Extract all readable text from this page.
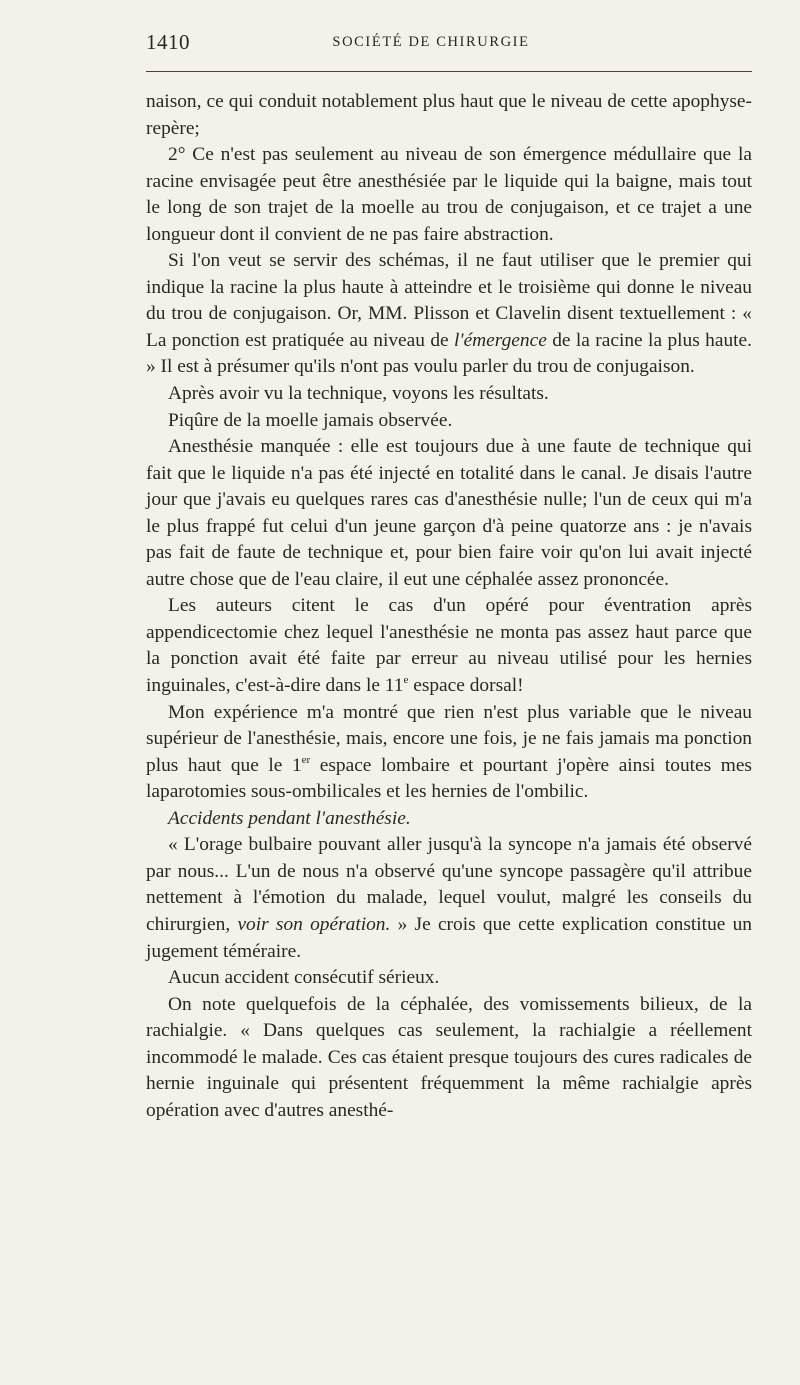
1410	SOCIÉTÉ DE CHIRURGIE

naison, ce qui conduit notablement plus haut que le niveau de cette apophyse-repère;

2° Ce n'est pas seulement au niveau de son émergence médullaire que la racine envisagée peut être anesthésiée par le liquide qui la baigne, mais tout le long de son trajet de la moelle au trou de conjugaison, et ce trajet a une longueur dont il convient de ne pas faire abstraction.

Si l'on veut se servir des schémas, il ne faut utiliser que le premier qui indique la racine la plus haute à atteindre et le troisième qui donne le niveau du trou de conjugaison. Or, MM. Plisson et Clavelin disent textuellement : « La ponction est pratiquée au niveau de l'émergence de la racine la plus haute. » Il est à présumer qu'ils n'ont pas voulu parler du trou de conjugaison.

Après avoir vu la technique, voyons les résultats.

Piqûre de la moelle jamais observée.

Anesthésie manquée : elle est toujours due à une faute de technique qui fait que le liquide n'a pas été injecté en totalité dans le canal. Je disais l'autre jour que j'avais eu quelques rares cas d'anesthésie nulle; l'un de ceux qui m'a le plus frappé fut celui d'un jeune garçon d'à peine quatorze ans : je n'avais pas fait de faute de technique et, pour bien faire voir qu'on lui avait injecté autre chose que de l'eau claire, il eut une céphalée assez prononcée.

Les auteurs citent le cas d'un opéré pour éventration après appendicectomie chez lequel l'anesthésie ne monta pas assez haut parce que la ponction avait été faite par erreur au niveau utilisé pour les hernies inguinales, c'est-à-dire dans le 11e espace dorsal!

Mon expérience m'a montré que rien n'est plus variable que le niveau supérieur de l'anesthésie, mais, encore une fois, je ne fais jamais ma ponction plus haut que le 1er espace lombaire et pourtant j'opère ainsi toutes mes laparotomies sous-ombilicales et les hernies de l'ombilic.

Accidents pendant l'anesthésie.

« L'orage bulbaire pouvant aller jusqu'à la syncope n'a jamais été observé par nous... L'un de nous n'a observé qu'une syncope passagère qu'il attribue nettement à l'émotion du malade, lequel voulut, malgré les conseils du chirurgien, voir son opération. » Je crois que cette explication constitue un jugement téméraire.

Aucun accident consécutif sérieux.

On note quelquefois de la céphalée, des vomissements bilieux, de la rachialgie. « Dans quelques cas seulement, la rachialgie a réellement incommodé le malade. Ces cas étaient presque toujours des cures radicales de hernie inguinale qui présentent fréquemment la même rachialgie après opération avec d'autres anesthé-
